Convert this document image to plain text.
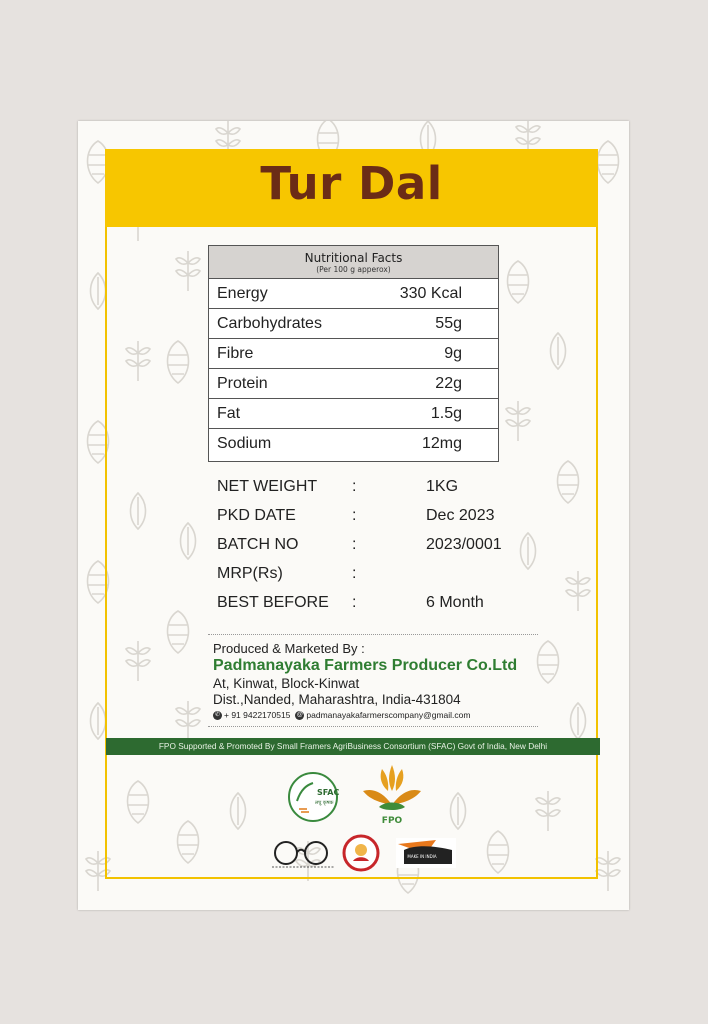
Tur Dal
Nutritional Facts
(Per 100 g apperox)
Energy	330 Kcal
Carbohydrates	55g
Fibre	9g
Protein	22g
Fat	1.5g
Sodium	12mg
NET WEIGHT :	1KG
PKD DATE	:	Dec 2023
BATCH NO	:	2023/0001
MRP(Rs)	:
BEST BEFORE :	6 Month
Produced & Marketed By :
Padmanayaka Farmers Producer Co.Ltd
At, Kinwat, Block-Kinwat
Dist.,Nanded, Maharashtra, India-431804
✆ + 91 9422170515 @ padmanayakafarmerscompany@gmail.com
FPO Supported & Promoted By Small Framers AgriBusiness Consortium (SFAC) Govt of India, New Delhi
SFAC
लघु कृषक
FPO
MAKE IN INDIA
